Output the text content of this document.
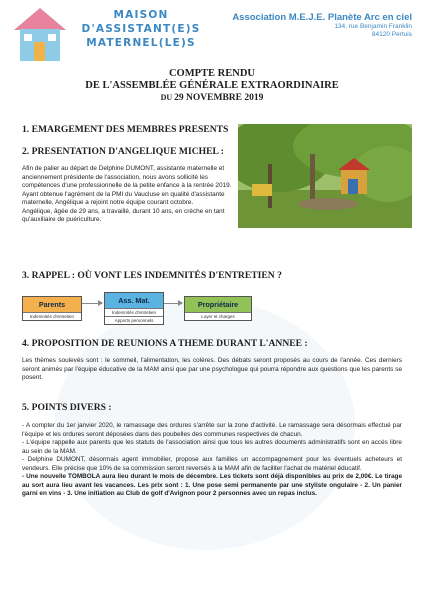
MAISON
D'ASSISTANT(E)S
MATERNEL(LE)S
Association M.E.J.E. Planète Arc en ciel
134, rue Benjamin Franklin
84120 Pertuis
COMPTE RENDU
DE L'ASSEMBLÉE GÉNÉRALE EXTRAORDINAIRE
DU 29 NOVEMBRE 2019
1. EMARGEMENT DES MEMBRES PRESENTS
2. PRESENTATION D'ANGELIQUE MICHEL :

Afin de palier au départ de Delphine DUMONT, assistante maternelle et anciennement présidente de l'association, nous avons sollicité les compétences d'une professionnelle de la petite enfance à la rentrée 2019.

Ayant obtenue l'agrément de la PMI du Vaucluse en qualité d'assistante maternelle, Angélique a rejoint notre équipe courant octobre.

Angélique, âgée de 29 ans, a travaillé, durant 10 ans, en crèche en tant qu'auxiliaire de puériculture.

3. RAPPEL : OÙ VONT LES INDEMNITÉS D'ENTRETIEN ?
Parents
Indemnités d'entretien
Ass. Mat.
Indemnités d'entretien
Apports personnels
Propriétaire
Loyer et charges
4. PROPOSITION DE REUNIONS A THEME DURANT L'ANNEE :

Les thèmes soulevés sont : le sommeil, l'alimentation, les colères. Des débats seront proposés au cours de l'année. Ces derniers seront animés par l'équipe éducative de la MAM ainsi que par une psychologue qui pourra répondre aux questions que les parents se posent.

5. POINTS DIVERS :

- A compter du 1er janvier 2020, le ramassage des ordures s'arrête sur la zone d'activité. Le ramassage sera désormais effectué par l'équipe et les ordures seront déposées dans des poubelles des communes respectives de chacun.

- L'équipe rappelle aux parents que les statuts de l'association ainsi que tous les autres documents administratifs sont en accès libre au sein de la MAM.

- Delphine DUMONT, désormais agent immobilier, propose aux familles un accompagnement pour les éventuels acheteurs et vendeurs. Elle précise que 10% de sa commission seront reversés à la MAM afin de faciliter l'achat de matériel éducatif.

- Une nouvelle TOMBOLA aura lieu durant le mois de décembre. Les tickets sont déjà disponibles au prix de 2,00€. Le tirage au sort aura lieu avant les vacances. Les prix sont : 1. Une pose semi permanente par une styliste ongulaire - 2. Un panier garni en vins - 3. Une initiation au Club de golf d'Avignon pour 2 personnes avec un repas inclus.
